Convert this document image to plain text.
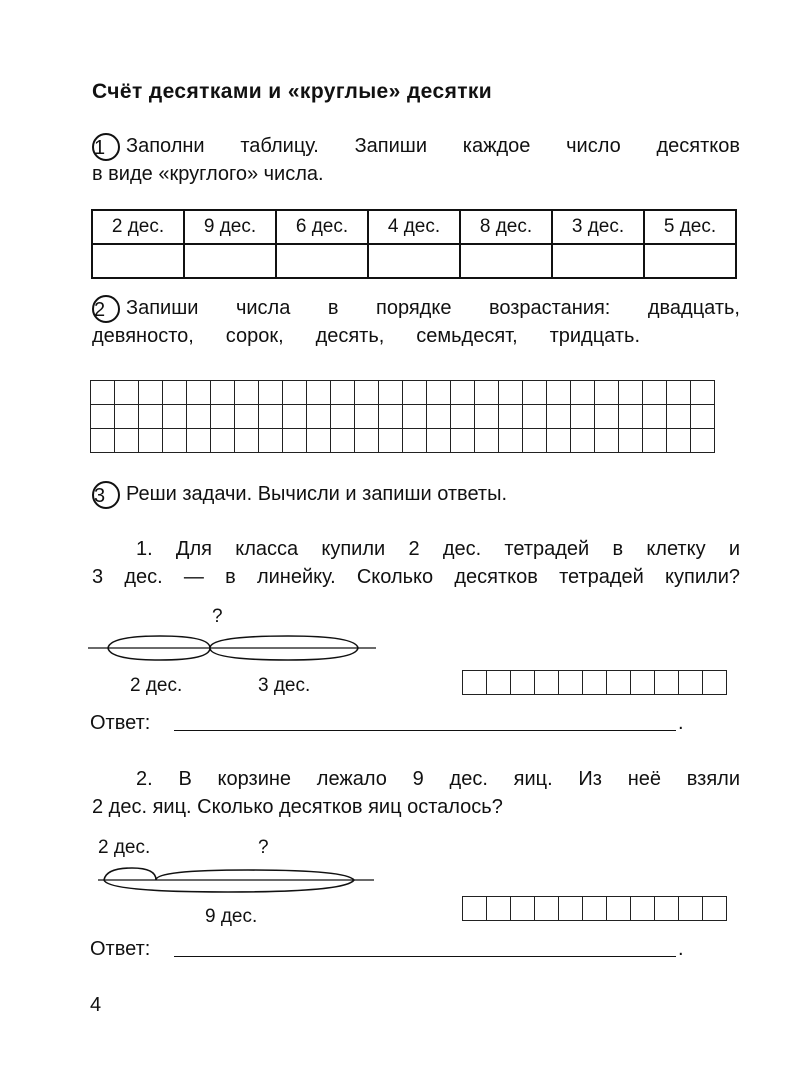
Счёт десятками и «круглые» десятки
1 Заполни таблицу. Запиши каждое число десятков
в виде «круглого» числа.
2 дес.	9 дес.	6 дес.	4 дес.	8 дес.	3 дес.	5 дес.

2 Запиши числа в порядке возрастания: двадцать,
девяносто, сорок, десять, семьдесят, тридцать.

3 Реши задачи. Вычисли и запиши ответы.
1. Для класса купили 2 дес. тетрадей в клетку и
3 дес. — в линейку. Сколько десятков тетрадей купили?
?
2 дес.	3 дес.

Ответ:	.
2. В корзине лежало 9 дес. яиц. Из неё взяли
2 дес. яиц. Сколько десятков яиц осталось?
2 дес.	?
9 дес.

Ответ:	.
4
